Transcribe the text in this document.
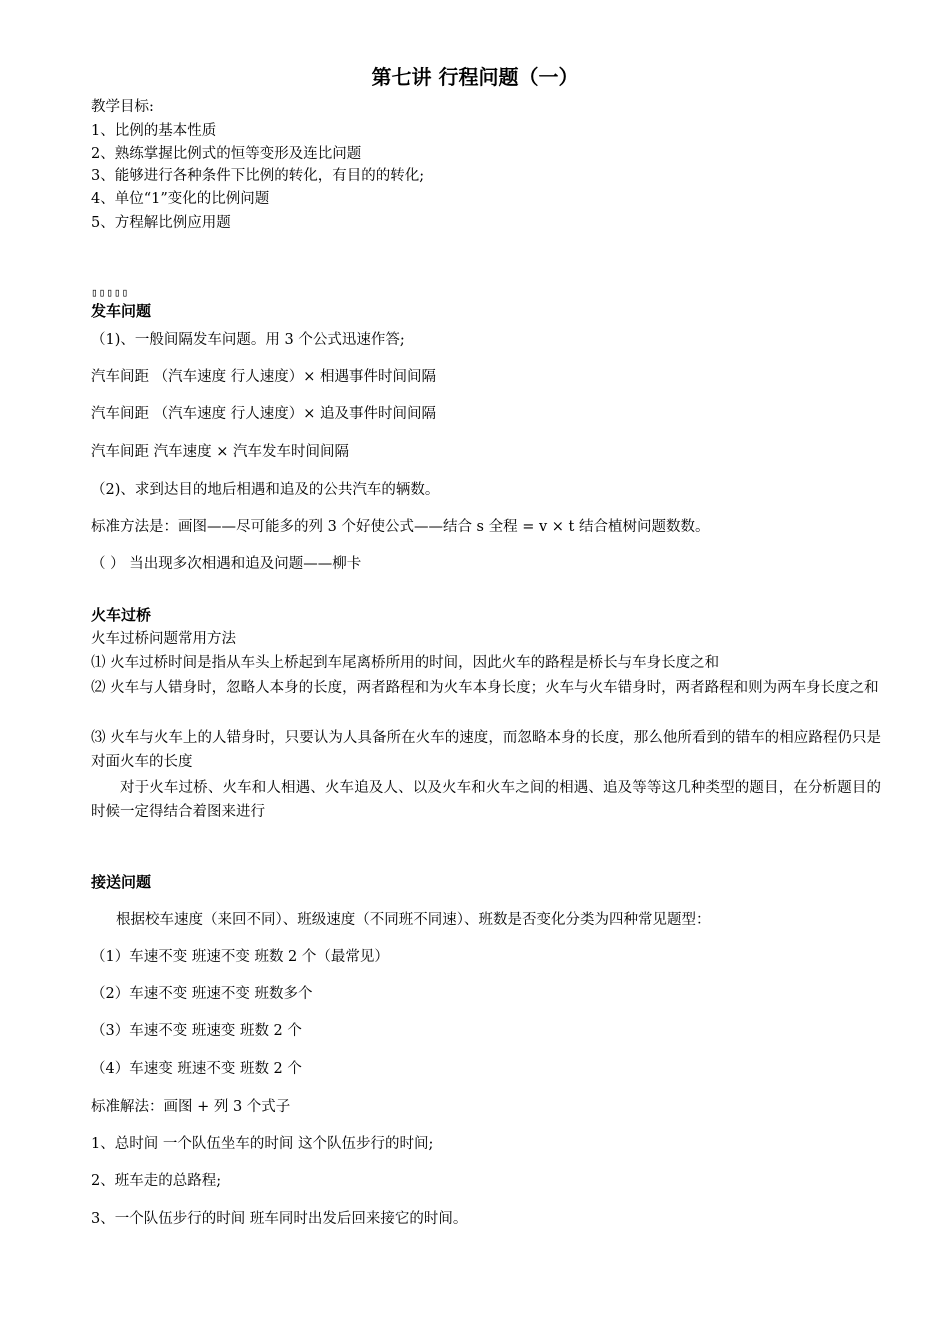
第七讲 行程问题（一）
教学目标:
1、比例的基本性质
2、熟练掌握比例式的恒等变形及连比问题
3、能够进行各种条件下比例的转化，有目的的转化;
4、单位“1”变化的比例问题
5、方程解比例应用题
▯▯▯▯▯
发车问题
（1)、一般间隔发车问题。用 3 个公式迅速作答;
汽车间距 （汽车速度 行人速度）× 相遇事件时间间隔
汽车间距 （汽车速度 行人速度）× 追及事件时间间隔
汽车间距 汽车速度 × 汽车发车时间间隔
（2)、求到达目的地后相遇和追及的公共汽车的辆数。
标准方法是：画图——尽可能多的列 3 个好使公式——结合 s 全程 = v × t 结合植树问题数数。
（ ） 当出现多次相遇和追及问题——柳卡
火车过桥
火车过桥问题常用方法
⑴ 火车过桥时间是指从车头上桥起到车尾离桥所用的时间，因此火车的路程是桥长与车身长度之和
⑵ 火车与人错身时，忽略人本身的长度，两者路程和为火车本身长度；火车与火车错身时，两者路程和则为两车身长度之和
⑶ 火车与火车上的人错身时，只要认为人具备所在火车的速度，而忽略本身的长度，那么他所看到的错车的相应路程仍只是对面火车的长度
对于火车过桥、火车和人相遇、火车追及人、以及火车和火车之间的相遇、追及等等这几种类型的题目，在分析题目的时候一定得结合着图来进行
接送问题
根据校车速度（来回不同）、班级速度（不同班不同速）、班数是否变化分类为四种常见题型：
（1）车速不变 班速不变 班数 2 个（最常见）
（2）车速不变 班速不变 班数多个
（3）车速不变 班速变 班数 2 个
（4）车速变 班速不变 班数 2 个
标准解法：画图 + 列 3 个式子
1、总时间 一个队伍坐车的时间 这个队伍步行的时间;
2、班车走的总路程;
3、一个队伍步行的时间 班车同时出发后回来接它的时间。
